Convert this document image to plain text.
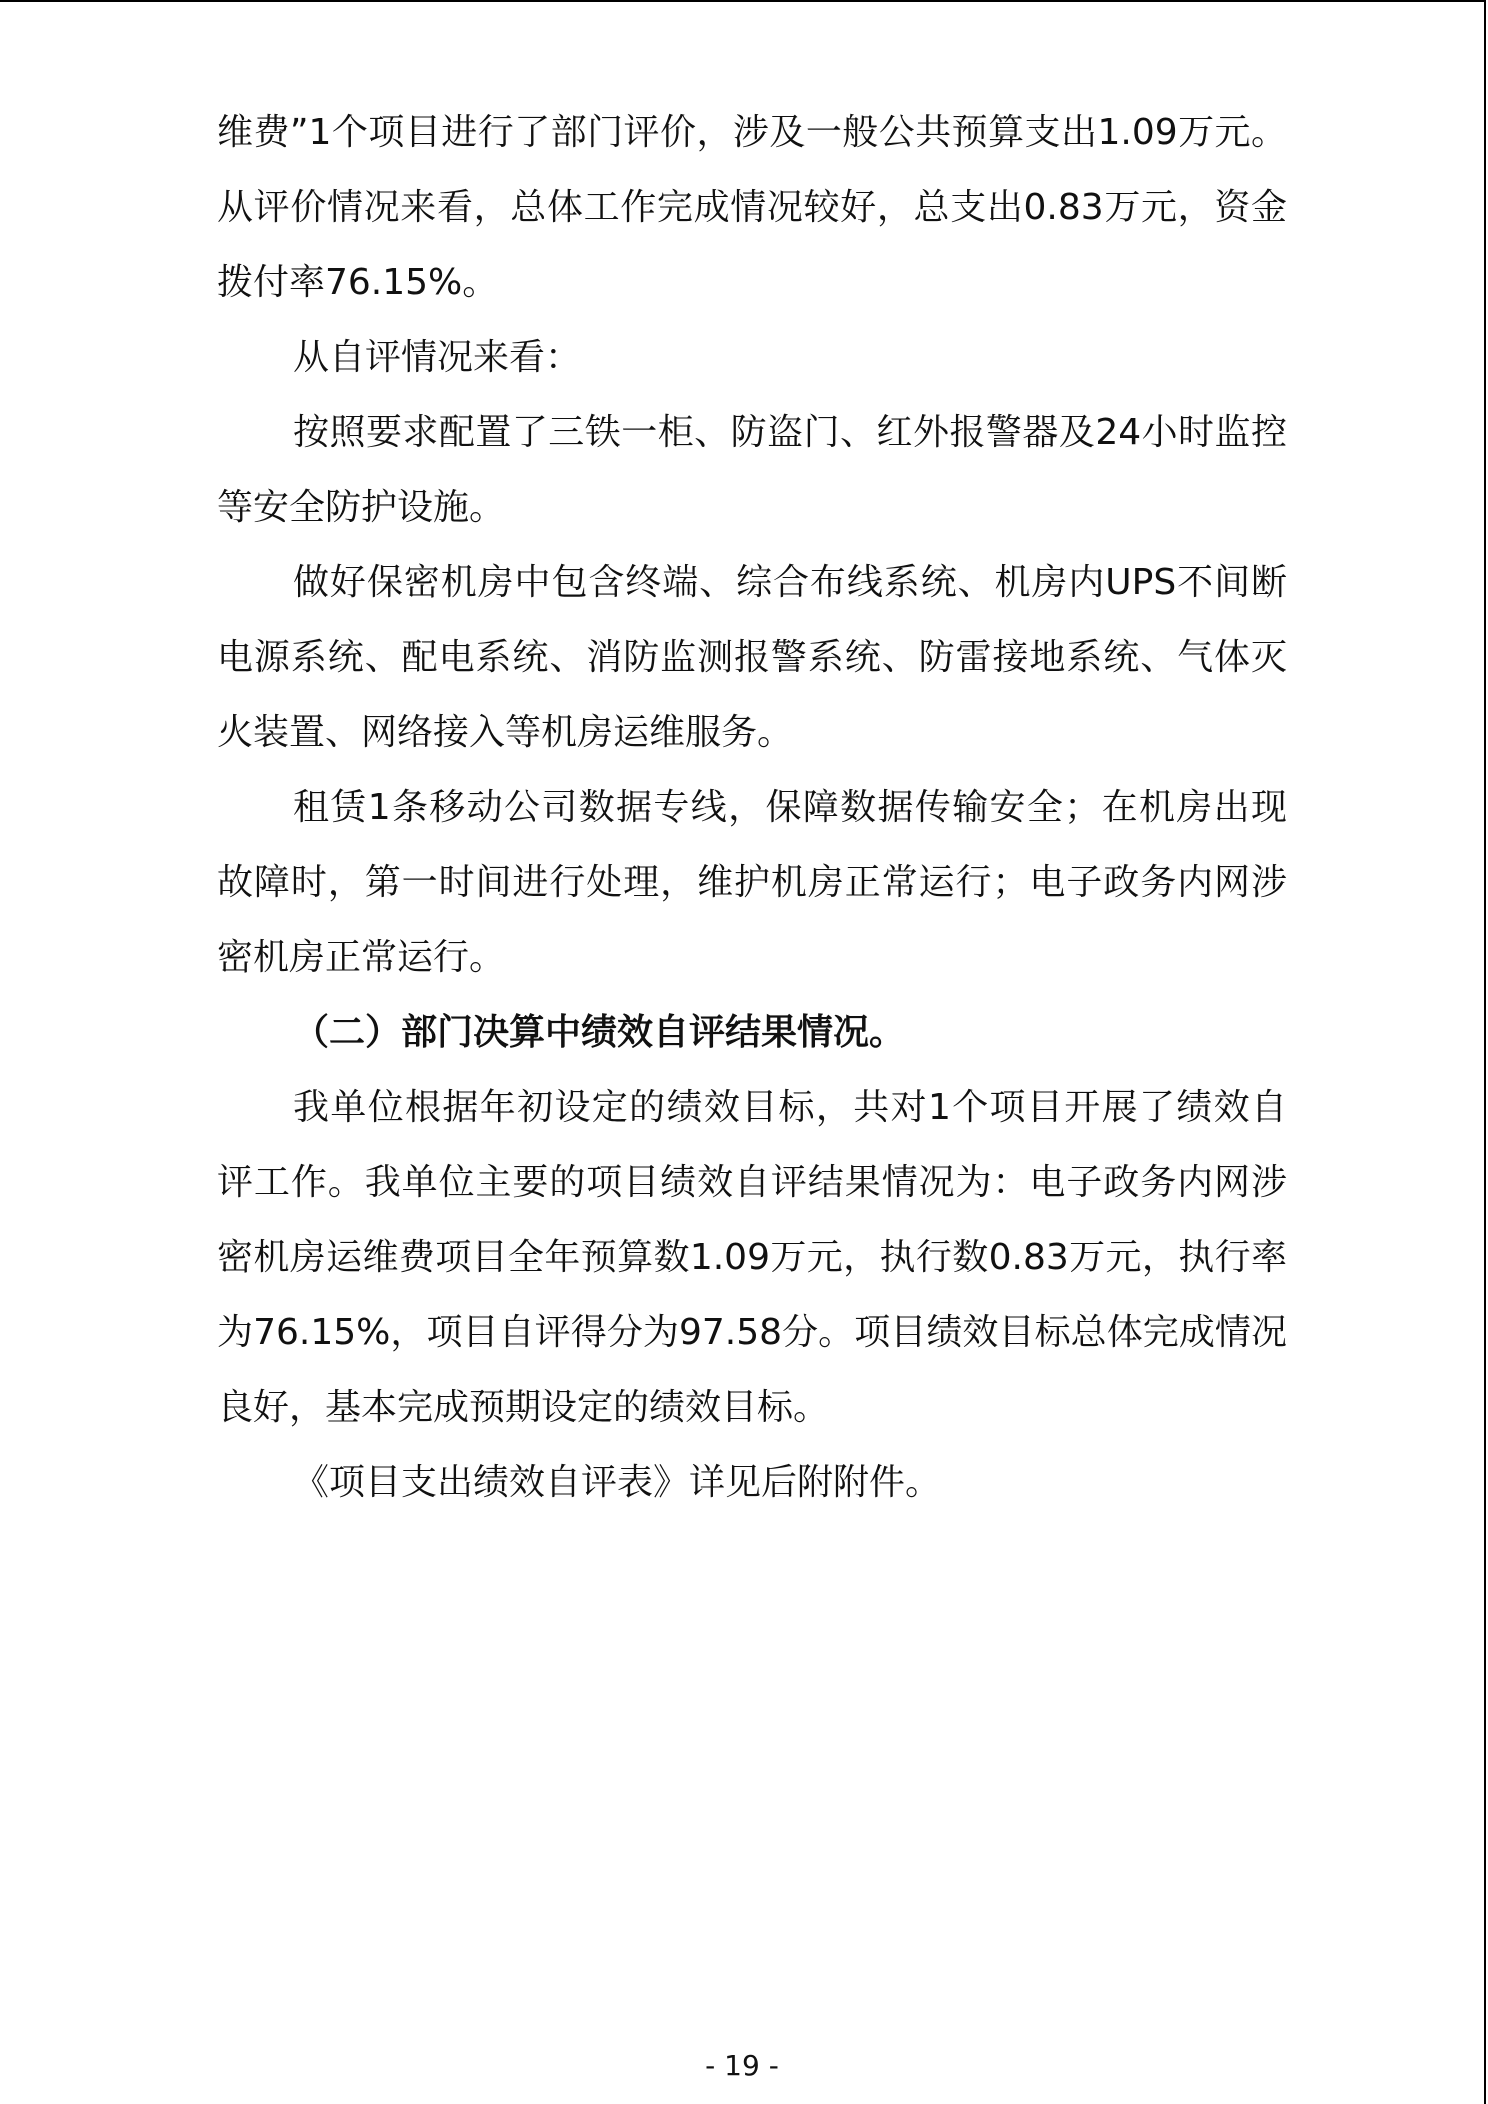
维费”1个项目进行了部门评价，涉及一般公共预算支出1.09万元。从评价情况来看，总体工作完成情况较好，总支出0.83万元，资金拨付率76.15%。

从自评情况来看：

按照要求配置了三铁一柜、防盗门、红外报警器及24小时监控等安全防护设施。

做好保密机房中包含终端、综合布线系统、机房内UPS不间断电源系统、配电系统、消防监测报警系统、防雷接地系统、气体灭火装置、网络接入等机房运维服务。

租赁1条移动公司数据专线，保障数据传输安全；在机房出现故障时，第一时间进行处理，维护机房正常运行；电子政务内网涉密机房正常运行。

（二）部门决算中绩效自评结果情况。

我单位根据年初设定的绩效目标，共对1个项目开展了绩效自评工作。我单位主要的项目绩效自评结果情况为：电子政务内网涉密机房运维费项目全年预算数1.09万元，执行数0.83万元，执行率为76.15%，项目自评得分为97.58分。项目绩效目标总体完成情况良好，基本完成预期设定的绩效目标。

《项目支出绩效自评表》详见后附附件。

- 19 -
